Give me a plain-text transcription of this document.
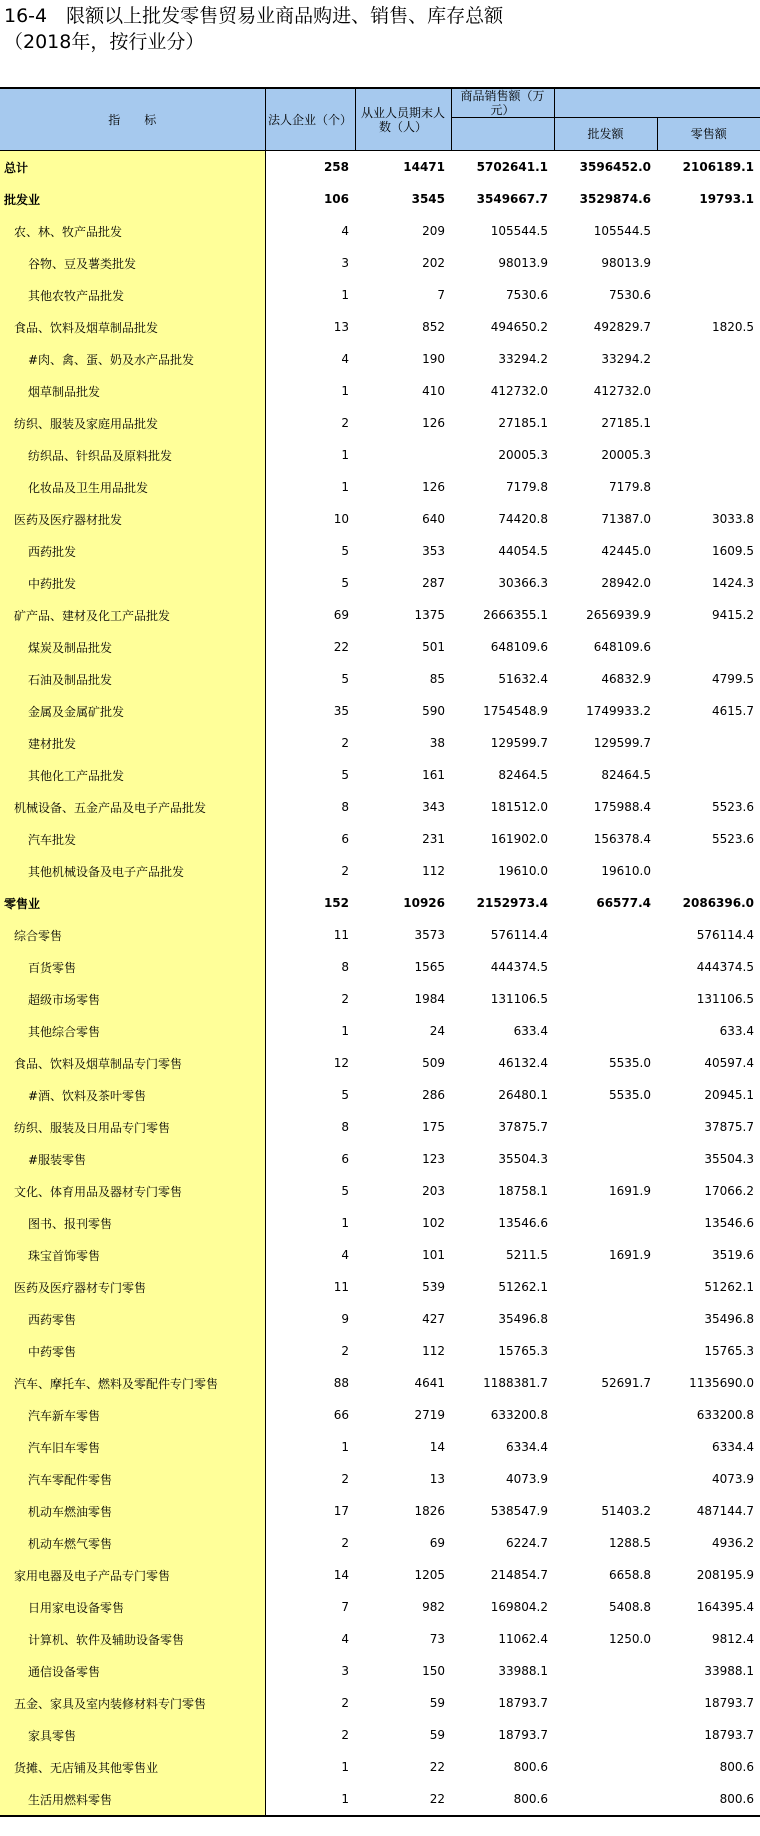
16-4　限额以上批发零售贸易业商品购进、销售、库存总额
（2018年，按行业分）
指　　标	法人企业（个）	从业人员期末人数（人）	商品销售额（万元）		
				批发额	零售额
总计	258	14471	5702641.1	3596452.0	2106189.1
批发业	106	3545	3549667.7	3529874.6	19793.1
农、林、牧产品批发	4	209	105544.5	105544.5	
谷物、豆及薯类批发	3	202	98013.9	98013.9	
其他农牧产品批发	1	7	7530.6	7530.6	
食品、饮料及烟草制品批发	13	852	494650.2	492829.7	1820.5
#肉、禽、蛋、奶及水产品批发	4	190	33294.2	33294.2	
烟草制品批发	1	410	412732.0	412732.0	
纺织、服装及家庭用品批发	2	126	27185.1	27185.1	
纺织品、针织品及原料批发	1		20005.3	20005.3	
化妆品及卫生用品批发	1	126	7179.8	7179.8	
医药及医疗器材批发	10	640	74420.8	71387.0	3033.8
西药批发	5	353	44054.5	42445.0	1609.5
中药批发	5	287	30366.3	28942.0	1424.3
矿产品、建材及化工产品批发	69	1375	2666355.1	2656939.9	9415.2
煤炭及制品批发	22	501	648109.6	648109.6	
石油及制品批发	5	85	51632.4	46832.9	4799.5
金属及金属矿批发	35	590	1754548.9	1749933.2	4615.7
建材批发	2	38	129599.7	129599.7	
其他化工产品批发	5	161	82464.5	82464.5	
机械设备、五金产品及电子产品批发	8	343	181512.0	175988.4	5523.6
汽车批发	6	231	161902.0	156378.4	5523.6
其他机械设备及电子产品批发	2	112	19610.0	19610.0	
零售业	152	10926	2152973.4	66577.4	2086396.0
综合零售	11	3573	576114.4		576114.4
百货零售	8	1565	444374.5		444374.5
超级市场零售	2	1984	131106.5		131106.5
其他综合零售	1	24	633.4		633.4
食品、饮料及烟草制品专门零售	12	509	46132.4	5535.0	40597.4
#酒、饮料及茶叶零售	5	286	26480.1	5535.0	20945.1
纺织、服装及日用品专门零售	8	175	37875.7		37875.7
#服装零售	6	123	35504.3		35504.3
文化、体育用品及器材专门零售	5	203	18758.1	1691.9	17066.2
图书、报刊零售	1	102	13546.6		13546.6
珠宝首饰零售	4	101	5211.5	1691.9	3519.6
医药及医疗器材专门零售	11	539	51262.1		51262.1
西药零售	9	427	35496.8		35496.8
中药零售	2	112	15765.3		15765.3
汽车、摩托车、燃料及零配件专门零售	88	4641	1188381.7	52691.7	1135690.0
汽车新车零售	66	2719	633200.8		633200.8
汽车旧车零售	1	14	6334.4		6334.4
汽车零配件零售	2	13	4073.9		4073.9
机动车燃油零售	17	1826	538547.9	51403.2	487144.7
机动车燃气零售	2	69	6224.7	1288.5	4936.2
家用电器及电子产品专门零售	14	1205	214854.7	6658.8	208195.9
日用家电设备零售	7	982	169804.2	5408.8	164395.4
计算机、软件及辅助设备零售	4	73	11062.4	1250.0	9812.4
通信设备零售	3	150	33988.1		33988.1
五金、家具及室内装修材料专门零售	2	59	18793.7		18793.7
家具零售	2	59	18793.7		18793.7
货摊、无店铺及其他零售业	1	22	800.6		800.6
生活用燃料零售	1	22	800.6		800.6
